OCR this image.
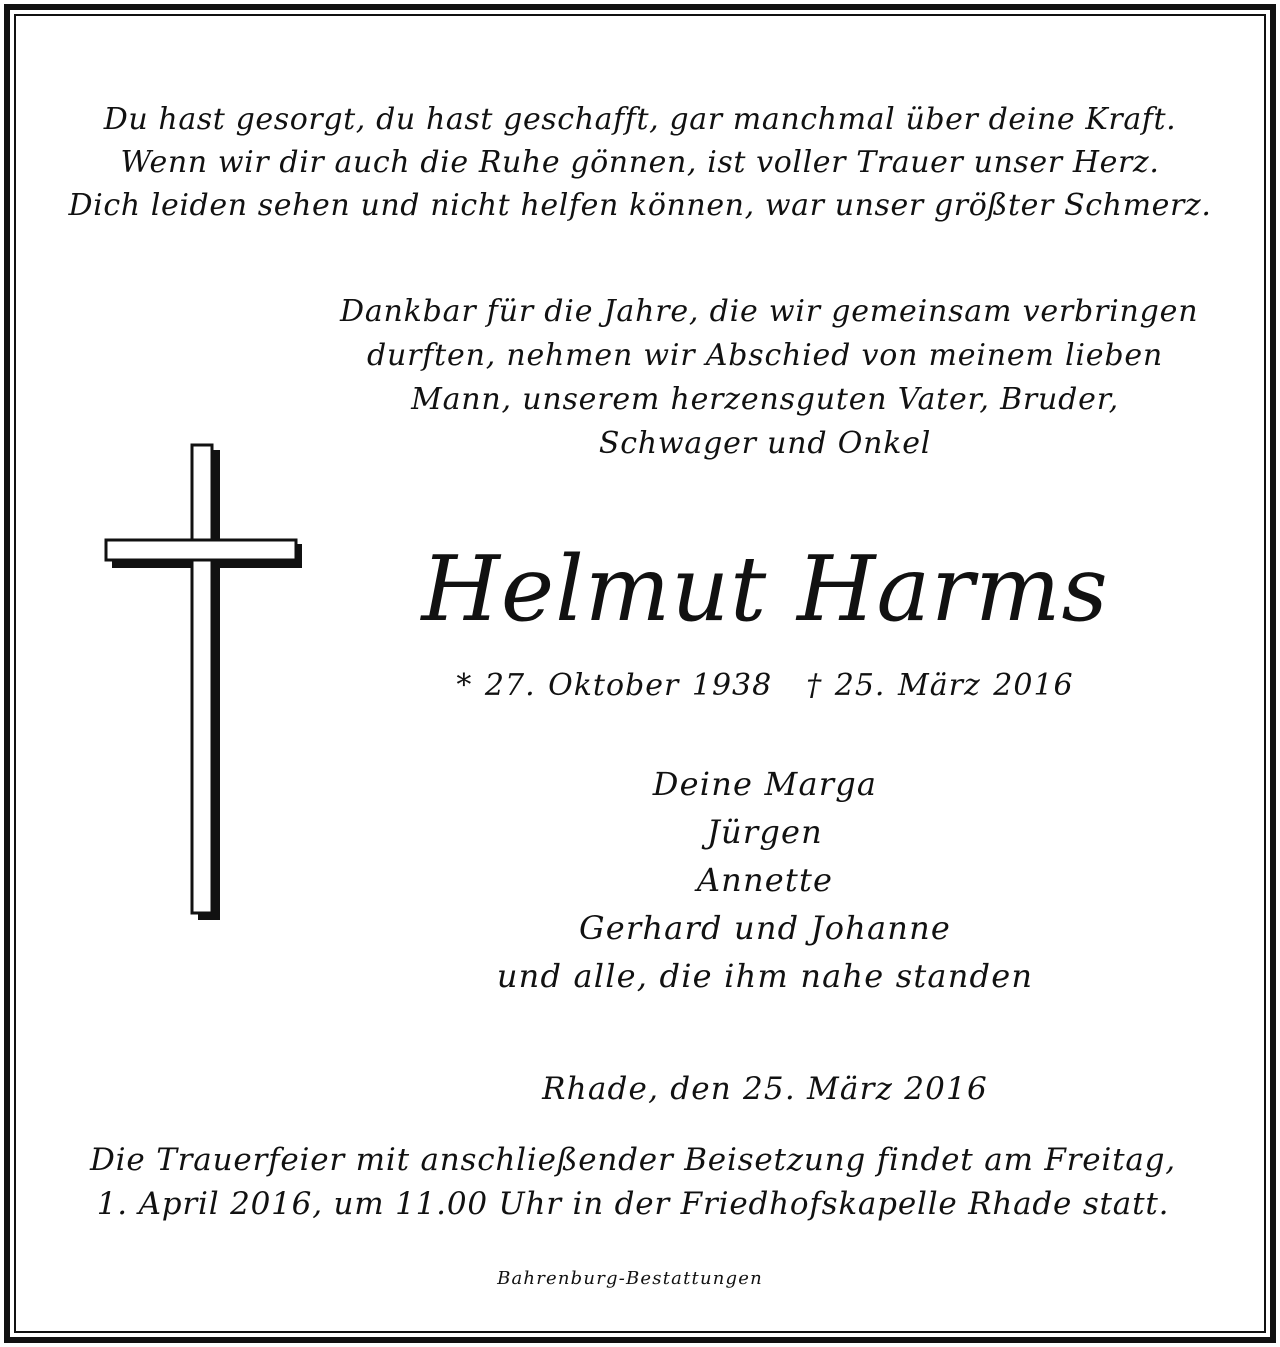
Du hast gesorgt, du hast geschafft, gar manchmal über deine Kraft.
Wenn wir dir auch die Ruhe gönnen, ist voller Trauer unser Herz.
Dich leiden sehen und nicht helfen können, war unser größter Schmerz.
Dankbar für die Jahre, die wir gemeinsam verbringen
durften, nehmen wir Abschied von meinem lieben
Mann, unserem herzensguten Vater, Bruder,
Schwager und Onkel
Helmut Harms
* 27. Oktober 1938 † 25. März 2016
Deine Marga
Jürgen
Annette
Gerhard und Johanne
und alle, die ihm nahe standen
Rhade, den 25. März 2016
Die Trauerfeier mit anschließender Beisetzung findet am Freitag,
1. April 2016, um 11.00 Uhr in der Friedhofskapelle Rhade statt.
Bahrenburg-Bestattungen
